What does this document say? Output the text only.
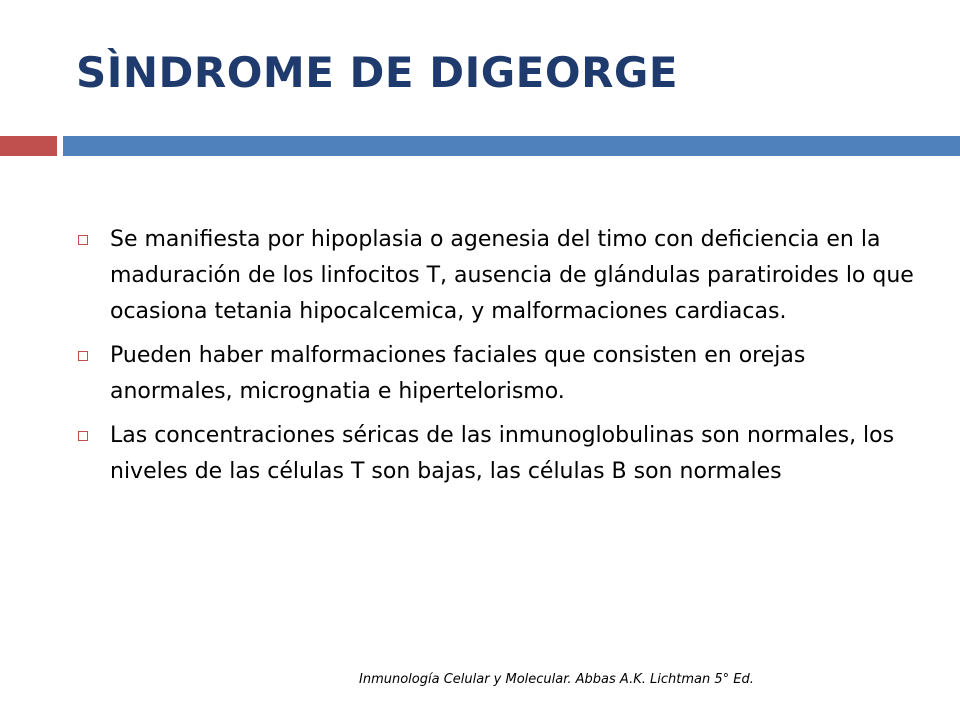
SÌNDROME DE DIGEORGE
Se manifiesta por hipoplasia o agenesia del timo con deficiencia en la maduración de los linfocitos T, ausencia de glándulas paratiroides lo que ocasiona tetania hipocalcemica, y malformaciones cardiacas.
Pueden haber malformaciones faciales que consisten en orejas anormales, micrognatia e hipertelorismo.
Las concentraciones séricas de las inmunoglobulinas son normales, los niveles de las células T son bajas, las células B son normales

Inmunología Celular y Molecular. Abbas A.K. Lichtman 5° Ed.
